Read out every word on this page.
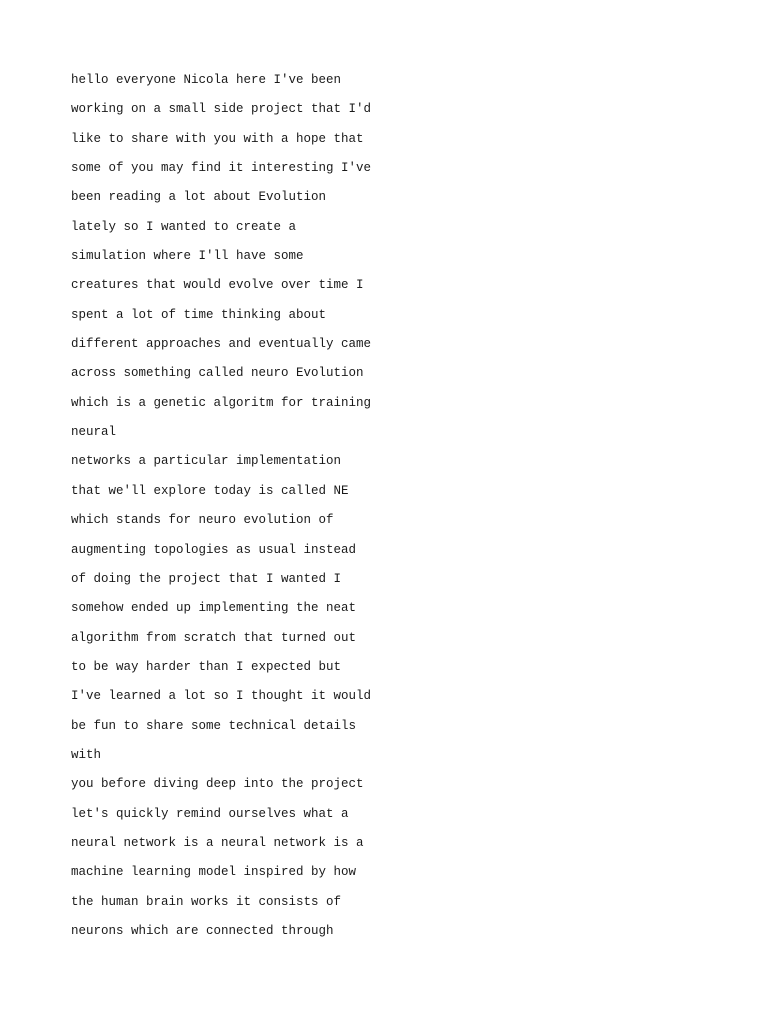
hello everyone Nicola here I've been
working on a small side project that I'd
like to share with you with a hope that
some of you may find it interesting I've
been reading a lot about Evolution
lately so I wanted to create a
simulation where I'll have some
creatures that would evolve over time I
spent a lot of time thinking about
different approaches and eventually came
across something called neuro Evolution
which is a genetic algoritm for training
neural
networks a particular implementation
that we'll explore today is called NE
which stands for neuro evolution of
augmenting topologies as usual instead
of doing the project that I wanted I
somehow ended up implementing the neat
algorithm from scratch that turned out
to be way harder than I expected but
I've learned a lot so I thought it would
be fun to share some technical details
with
you before diving deep into the project
let's quickly remind ourselves what a
neural network is a neural network is a
machine learning model inspired by how
the human brain works it consists of
neurons which are connected through
